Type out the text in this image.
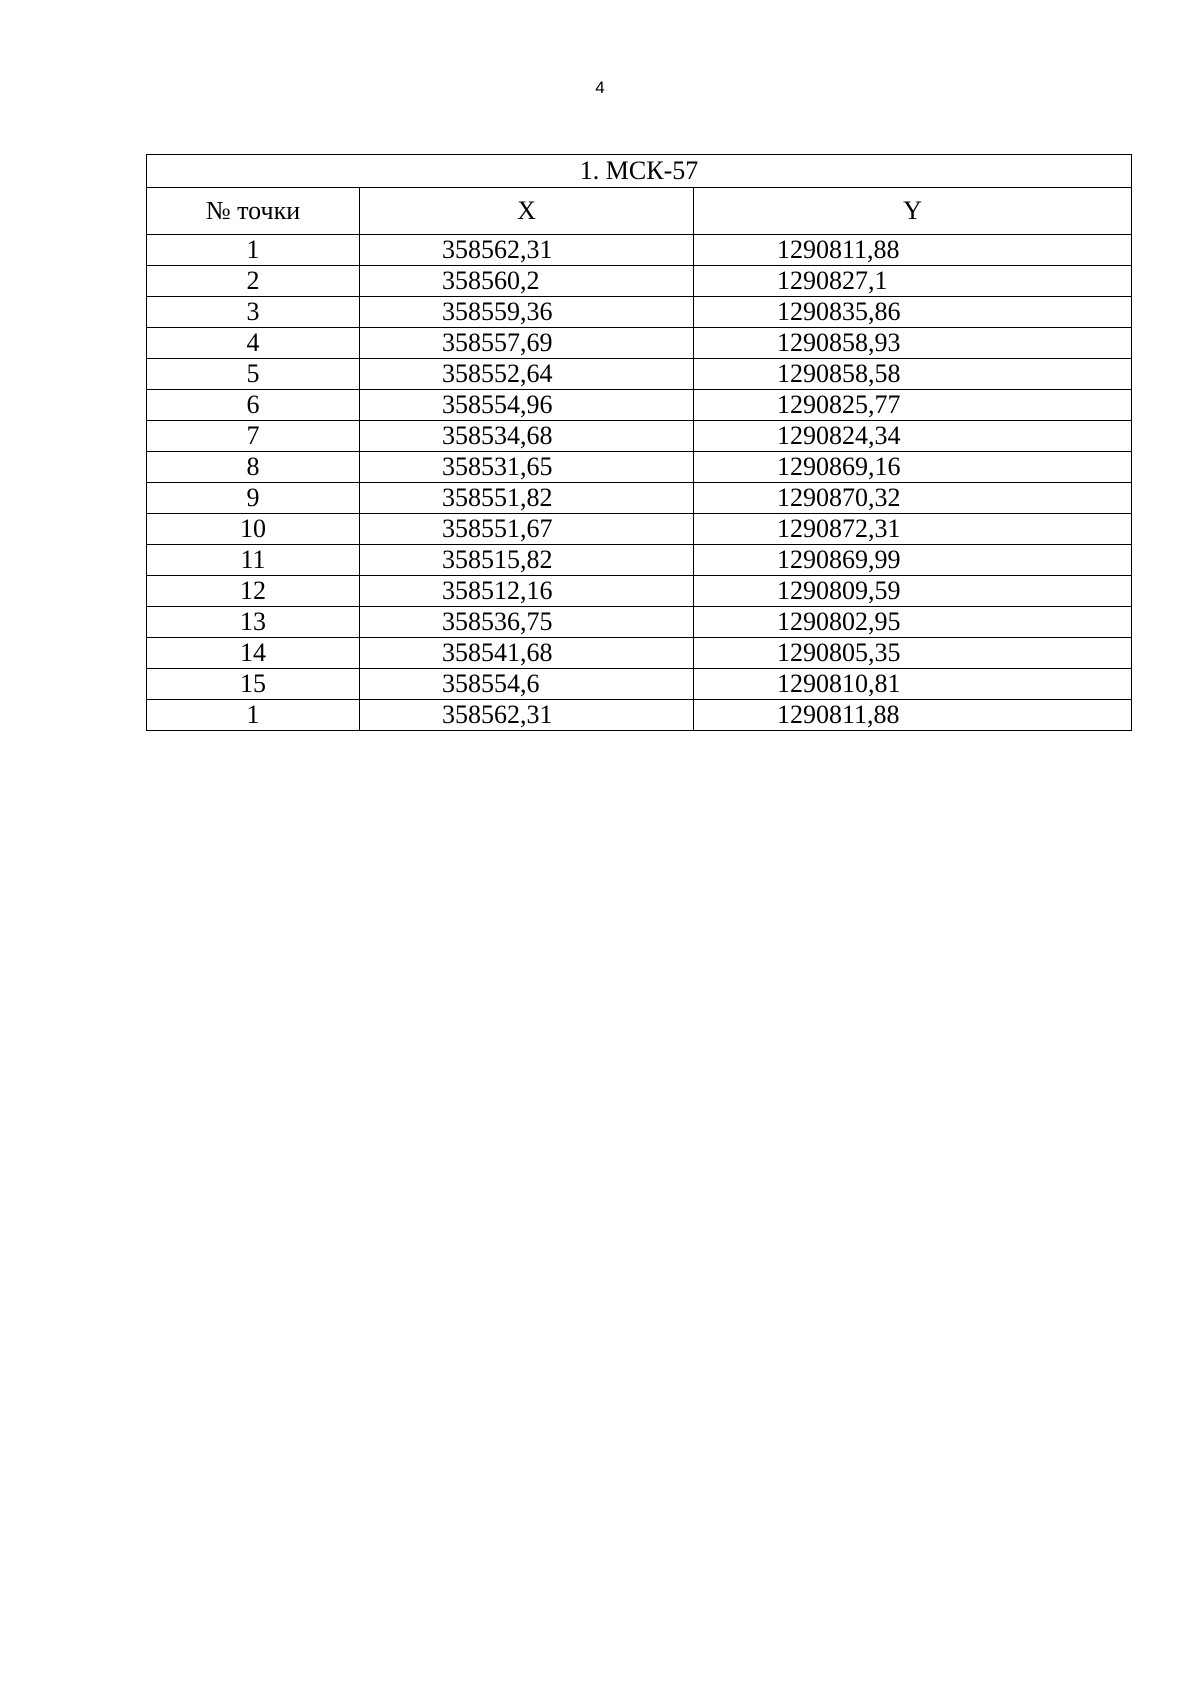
4
1. МСК-57		
№ точки	X	Y
1	358562,31	1290811,88
2	358560,2	1290827,1
3	358559,36	1290835,86
4	358557,69	1290858,93
5	358552,64	1290858,58
6	358554,96	1290825,77
7	358534,68	1290824,34
8	358531,65	1290869,16
9	358551,82	1290870,32
10	358551,67	1290872,31
11	358515,82	1290869,99
12	358512,16	1290809,59
13	358536,75	1290802,95
14	358541,68	1290805,35
15	358554,6	1290810,81
1	358562,31	1290811,88
